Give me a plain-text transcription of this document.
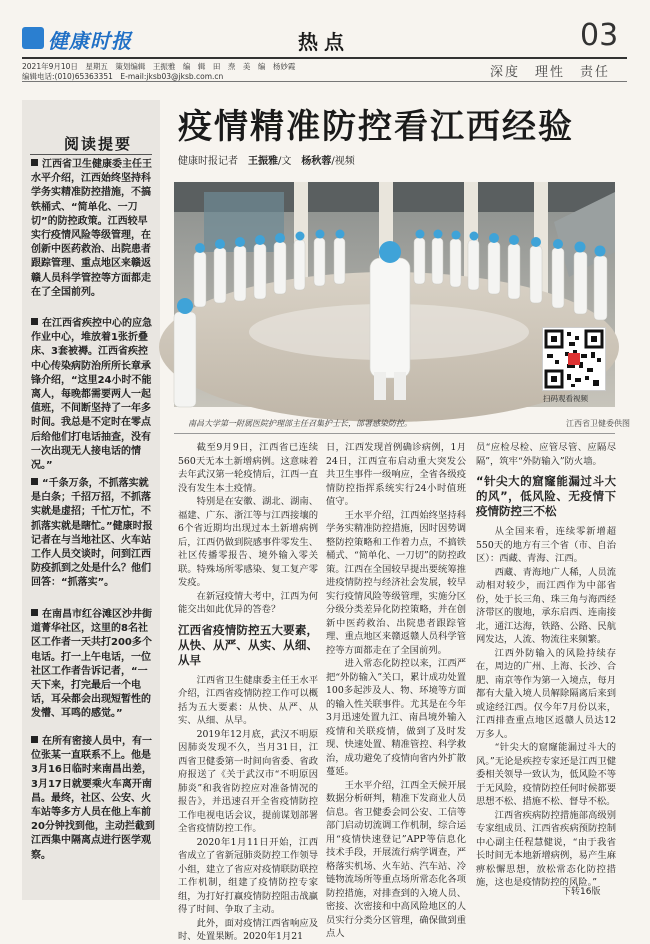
健康时报	热点	03
2021年9月10日　星期五　策划编辑　王振雅　编　辑　田　焘　美　编　杨妙霞
编辑电话:(010)65363351　E-mail:jksb03@jksb.com.cn	深度　理性　责任
疫情精准防控看江西经验
健康时报记者　 王振雅/文　 杨秋蓉/视频
阅读提要
江西省卫生健康委主任王水平介绍，江西始终坚持科学务实精准防控措施，不搞铁桶式、“简单化、一刀切”的防控政策。江西较早实行疫情风险等级管理，在创新中医药救治、出院患者跟踪管理、重点地区来赣返赣人员科学管控等方面都走在了全国前列。
在江西省疾控中心的应急作业中心，堆放着1张折叠床、3套被褥。江西省疾控中心传染病防治所所长章承锋介绍，“这里24小时不能离人，每晚都需要两人一起值班，不间断坚持了一年多时间。我总是不定时在零点后给他们打电话抽查，没有一次出现无人接电话的情况。”
“千条万条，不抓落实就是白条；千招万招，不抓落实就是虚招；千忙万忙，不抓落实就是瞎忙。”健康时报记者在与当地社区、火车站工作人员交谈时，问到江西防疫抓到之处是什么？他们回答：“抓落实”。
在南昌市红谷滩区沙井街道菁华社区，这里的8名社区工作者一天共打200多个电话。打一上午电话，一位社区工作者告诉记者，“一天下来，打完最后一个电话，耳朵都会出现短暂性的发懵、耳鸣的感觉。”
在所有密接人员中，有一位张某一直联系不上。他是3月16日临时来南昌出差，3月17日就要乘火车离开南昌。最终，社区、公安、火车站等多方人员在他上车前20分钟找到他，主动拦截到江西集中隔离点进行医学观察。
扫码观看视频
南昌大学第一附属医院护理部主任召集护士长，部署感染防控。	江西省卫健委供图

截至9月9日，江西省已连续560天无本土新增病例。这意味着去年武汉第一轮疫情后，江西一直没有发生本土疫情。

特别是在安徽、湖北、湖南、福建、广东、浙江等与江西接壤的6个省近期均出现过本土新增病例后，江西仍做到院感事件零发生、社区传播零报告、境外输入零关联。特殊场所零感染、复工复产零发疫。

在新冠疫情大考中，江西为何能交出如此优异的答卷？

江西省疫情防控五大要素，从快、从严、从实、从细、从早

江西省卫生健康委主任王水平介绍，江西省疫情防控工作可以概括为五大要素：从快、从严、从实、从细、从早。

2019年12月底，武汉不明原因肺炎发现不久，当月31日，江西省卫健委第一时间向省委、省政府报送了《关于武汉市“不明原因肺炎”和我省防控应对准备情况的报告》，并迅速召开全省疫情防控工作电视电话会议，提前谋划部署全省疫情防控工作。

2020年1月11日开始，江西省成立了省新冠肺炎防控工作领导小组，建立了省应对疫情联防联控工作机制，组建了疫情防控专家组，为打好打赢疫情防控阻击战赢得了时间、争取了主动。

此外，面对疫情江西省响应及时、处置果断。2020年1月21

日，江西发现首例确诊病例，1月24日，江西宣布启动重大突发公共卫生事件一级响应，全省各级疫情防控指挥系统实行24小时值班值守。

王水平介绍，江西始终坚持科学务实精准防控措施，因时因势调整防控策略和工作着力点，不搞铁桶式、“简单化、一刀切”的防控政策。江西在全国较早提出要统筹推进疫情防控与经济社会发展，较早实行疫情风险等级管理，实施分区分级分类差异化防控策略，并在创新中医药救治、出院患者跟踪管理、重点地区来赣返赣人员科学管控等方面都走在了全国前列。

进入常态化防控以来，江西严把“外防输入”关口，累计成功处置100多起涉及人、物、环境等方面的输入性关联事件。尤其是在今年3月迅速处置九江、南昌境外输入疫情和关联疫情，做到了及时发现、快速处置、精准管控、科学救治，成功避免了疫情向省内外扩散蔓延。

王水平介绍，江西全天候开展数据分析研判，精准下发商业人员信息。省卫健委会同公安、工信等部门启动切流调工作机制，综合运用“疫情快速登记”APP等信息化技术手段，开展流行病学调查，严格落实机场、火车站、汽车站、冷链物流场所等重点场所常态化各项防控措施，对排查到的入境人员、密接、次密接和中高风险地区的人员实行分类分区管理，确保做到重点人

员“应检尽检、应管尽管、应隔尽隔”，筑牢“外防输入”防火墙。

“针尖大的窟窿能漏过斗大的风”，低风险、无疫情下疫情防控三不松

从全国来看，连续零新增超550天的地方有三个省（市、自治区）：西藏、青海、江西。

西藏、青海地广人稀，人员流动相对较少，而江西作为中部省份，处于长三角、珠三角与海西经济带区的腹地，承东启西、连南接北，通江达海，铁路、公路、民航网发达，人流、物流往来频繁。

江西外防输入的风险持续存在，周边的广州、上海、长沙、合肥、南京等作为第一入境点，每月都有大量入境人员解除隔离后来到或途经江西。仅今年7月份以来，江西排查重点地区返赣人员达12万多人。

“针尖大的窟窿能漏过斗大的风。”无论是疾控专家还是江西卫健委相关领导一致认为，低风险不等于无风险，疫情防控任何时候都要思想不松、措施不松、督导不松。

江西省疾病防控措施部高级别专家组成员、江西省疾病预防控制中心副主任程慧健说，“由于我省长时间无本地新增病例，易产生麻痹松懈思想，放松常态化防控措施，这也是疫情防控的风险。”

下转16版
